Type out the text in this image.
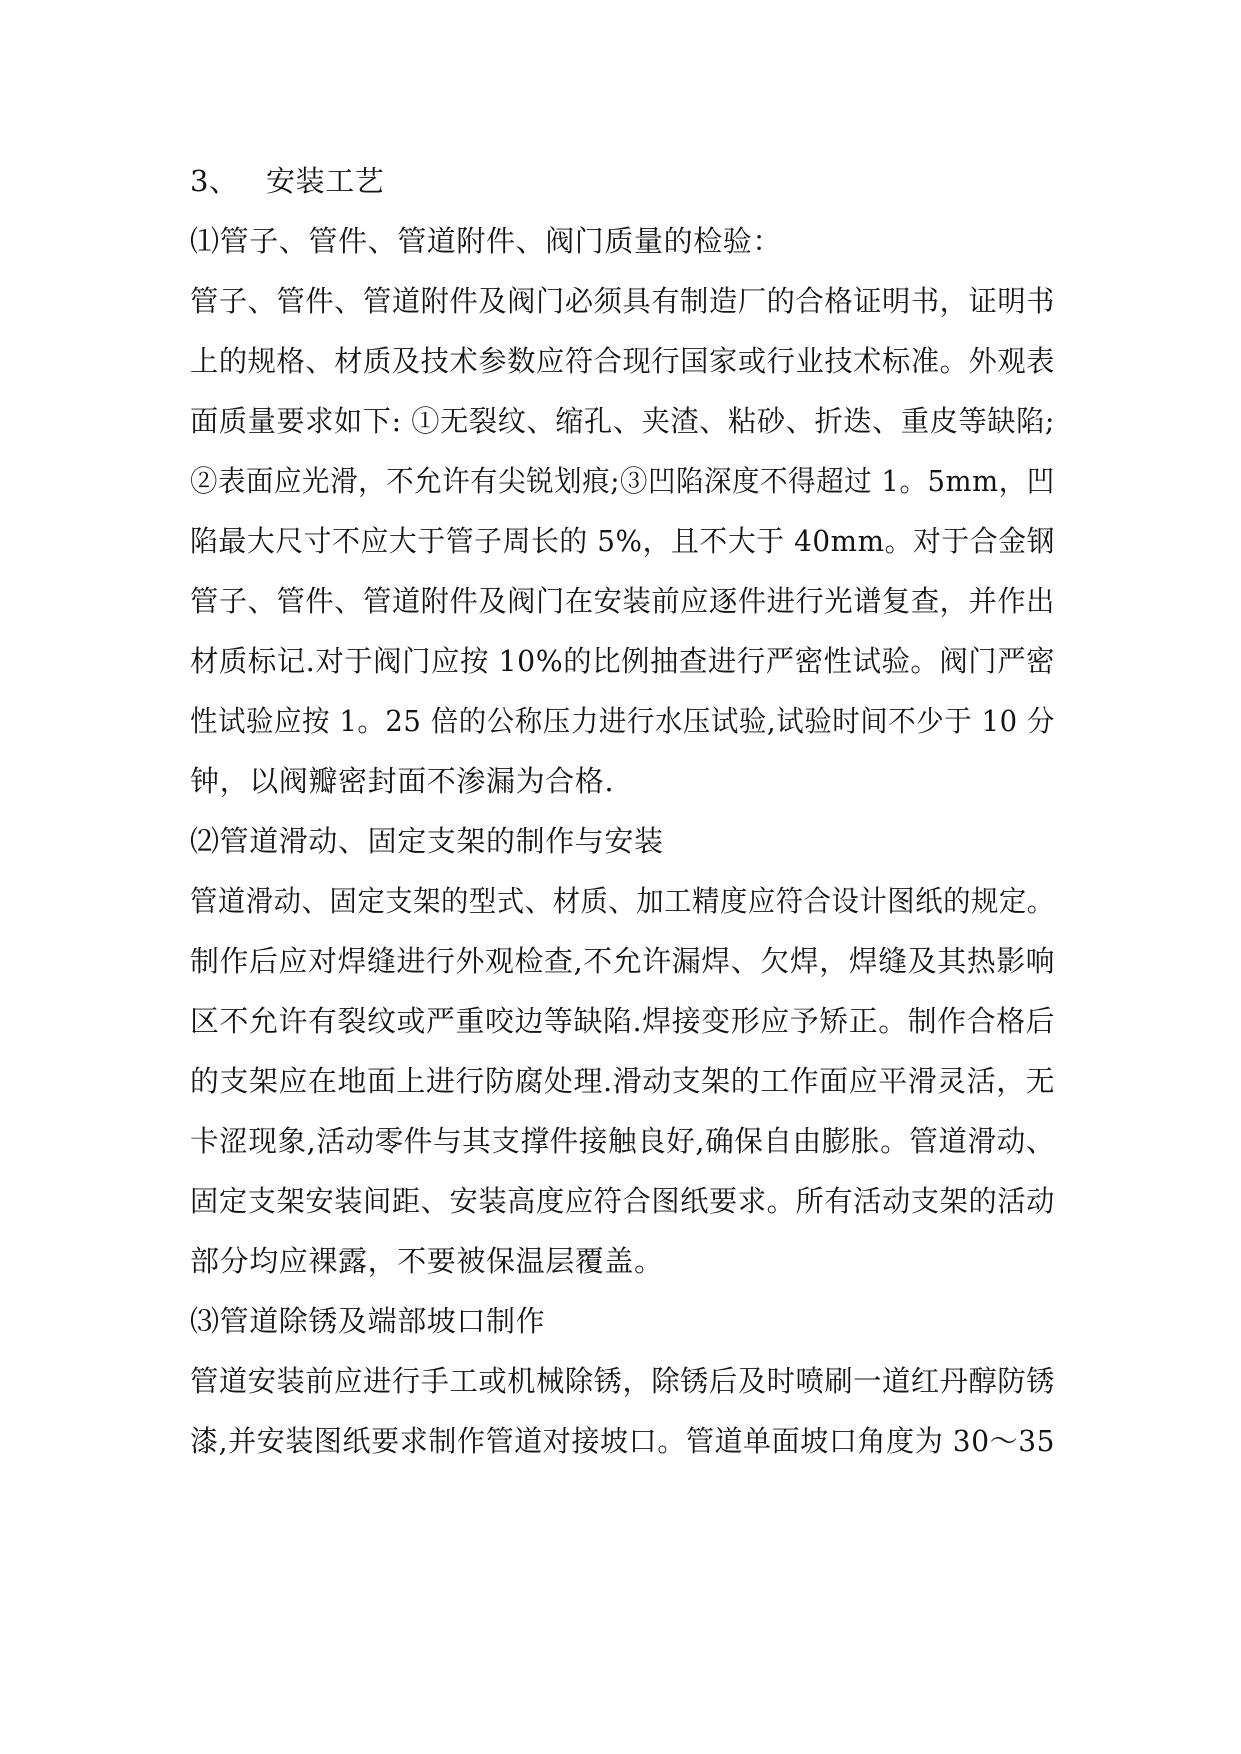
3、 安装工艺
⑴管子、管件、管道附件、阀门质量的检验：
管子、管件、管道附件及阀门必须具有制造厂的合格证明书，证明书
上的规格、材质及技术参数应符合现行国家或行业技术标准。外观表
面质量要求如下: ①无裂纹、缩孔、夹渣、粘砂、折迭、重皮等缺陷;
②表面应光滑，不允许有尖锐划痕;③凹陷深度不得超过 1。5mm，凹
陷最大尺寸不应大于管子周长的 5%，且不大于 40mm。对于合金钢
管子、管件、管道附件及阀门在安装前应逐件进行光谱复查，并作出
材质标记.对于阀门应按 10%的比例抽查进行严密性试验。阀门严密
性试验应按 1。25 倍的公称压力进行水压试验,试验时间不少于 10 分
钟，以阀瓣密封面不渗漏为合格.
⑵管道滑动、固定支架的制作与安装
管道滑动、固定支架的型式、材质、加工精度应符合设计图纸的规定。
制作后应对焊缝进行外观检查,不允许漏焊、欠焊，焊缝及其热影响
区不允许有裂纹或严重咬边等缺陷.焊接变形应予矫正。制作合格后
的支架应在地面上进行防腐处理.滑动支架的工作面应平滑灵活，无
卡涩现象,活动零件与其支撑件接触良好,确保自由膨胀。管道滑动、
固定支架安装间距、安装高度应符合图纸要求。所有活动支架的活动
部分均应裸露，不要被保温层覆盖。
⑶管道除锈及端部坡口制作
管道安装前应进行手工或机械除锈，除锈后及时喷刷一道红丹醇防锈
漆,并安装图纸要求制作管道对接坡口。管道单面坡口角度为 30～35
